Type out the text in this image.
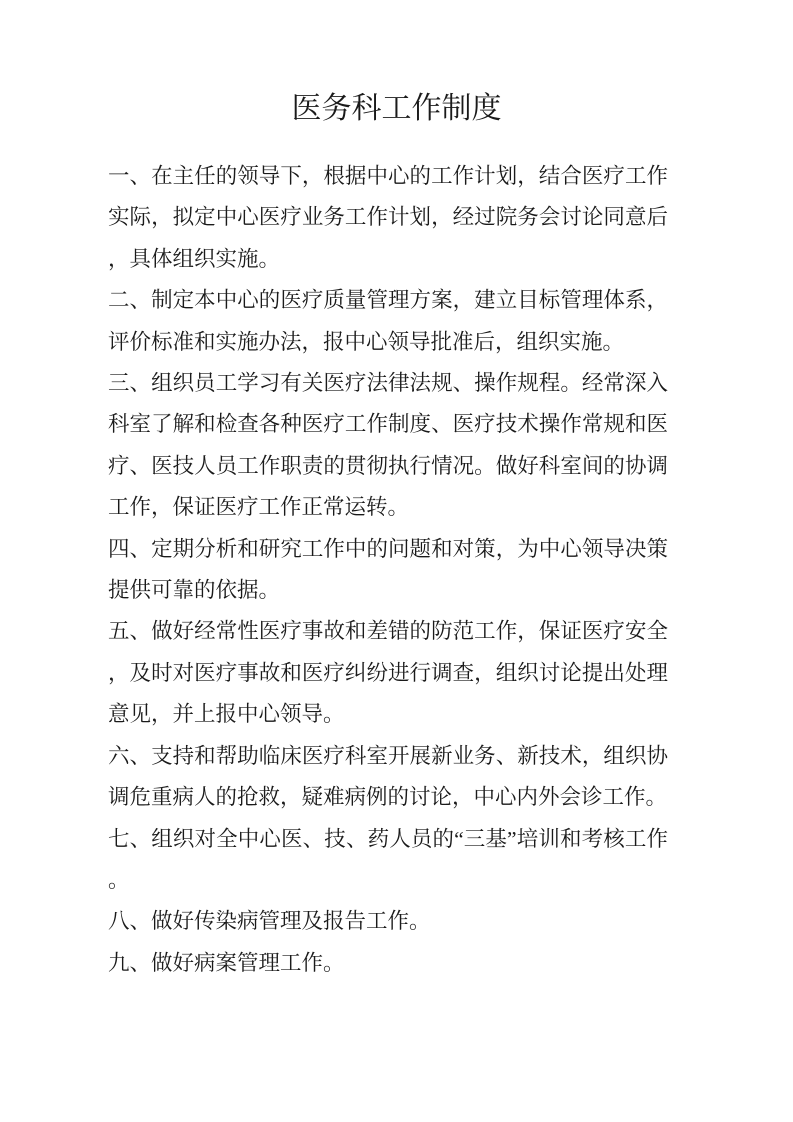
医务科工作制度

一、在主任的领导下，根据中心的工作计划，结合医疗工作实际，拟定中心医疗业务工作计划，经过院务会讨论同意后，具体组织实施。

二、制定本中心的医疗质量管理方案，建立目标管理体系，评价标准和实施办法，报中心领导批准后，组织实施。

三、组织员工学习有关医疗法律法规、操作规程。经常深入科室了解和检查各种医疗工作制度、医疗技术操作常规和医疗、医技人员工作职责的贯彻执行情况。做好科室间的协调工作，保证医疗工作正常运转。

四、定期分析和研究工作中的问题和对策，为中心领导决策提供可靠的依据。

五、做好经常性医疗事故和差错的防范工作，保证医疗安全，及时对医疗事故和医疗纠纷进行调查，组织讨论提出处理意见，并上报中心领导。

六、支持和帮助临床医疗科室开展新业务、新技术，组织协调危重病人的抢救，疑难病例的讨论，中心内外会诊工作。

七、组织对全中心医、技、药人员的“三基”培训和考核工作。

八、做好传染病管理及报告工作。

九、做好病案管理工作。
